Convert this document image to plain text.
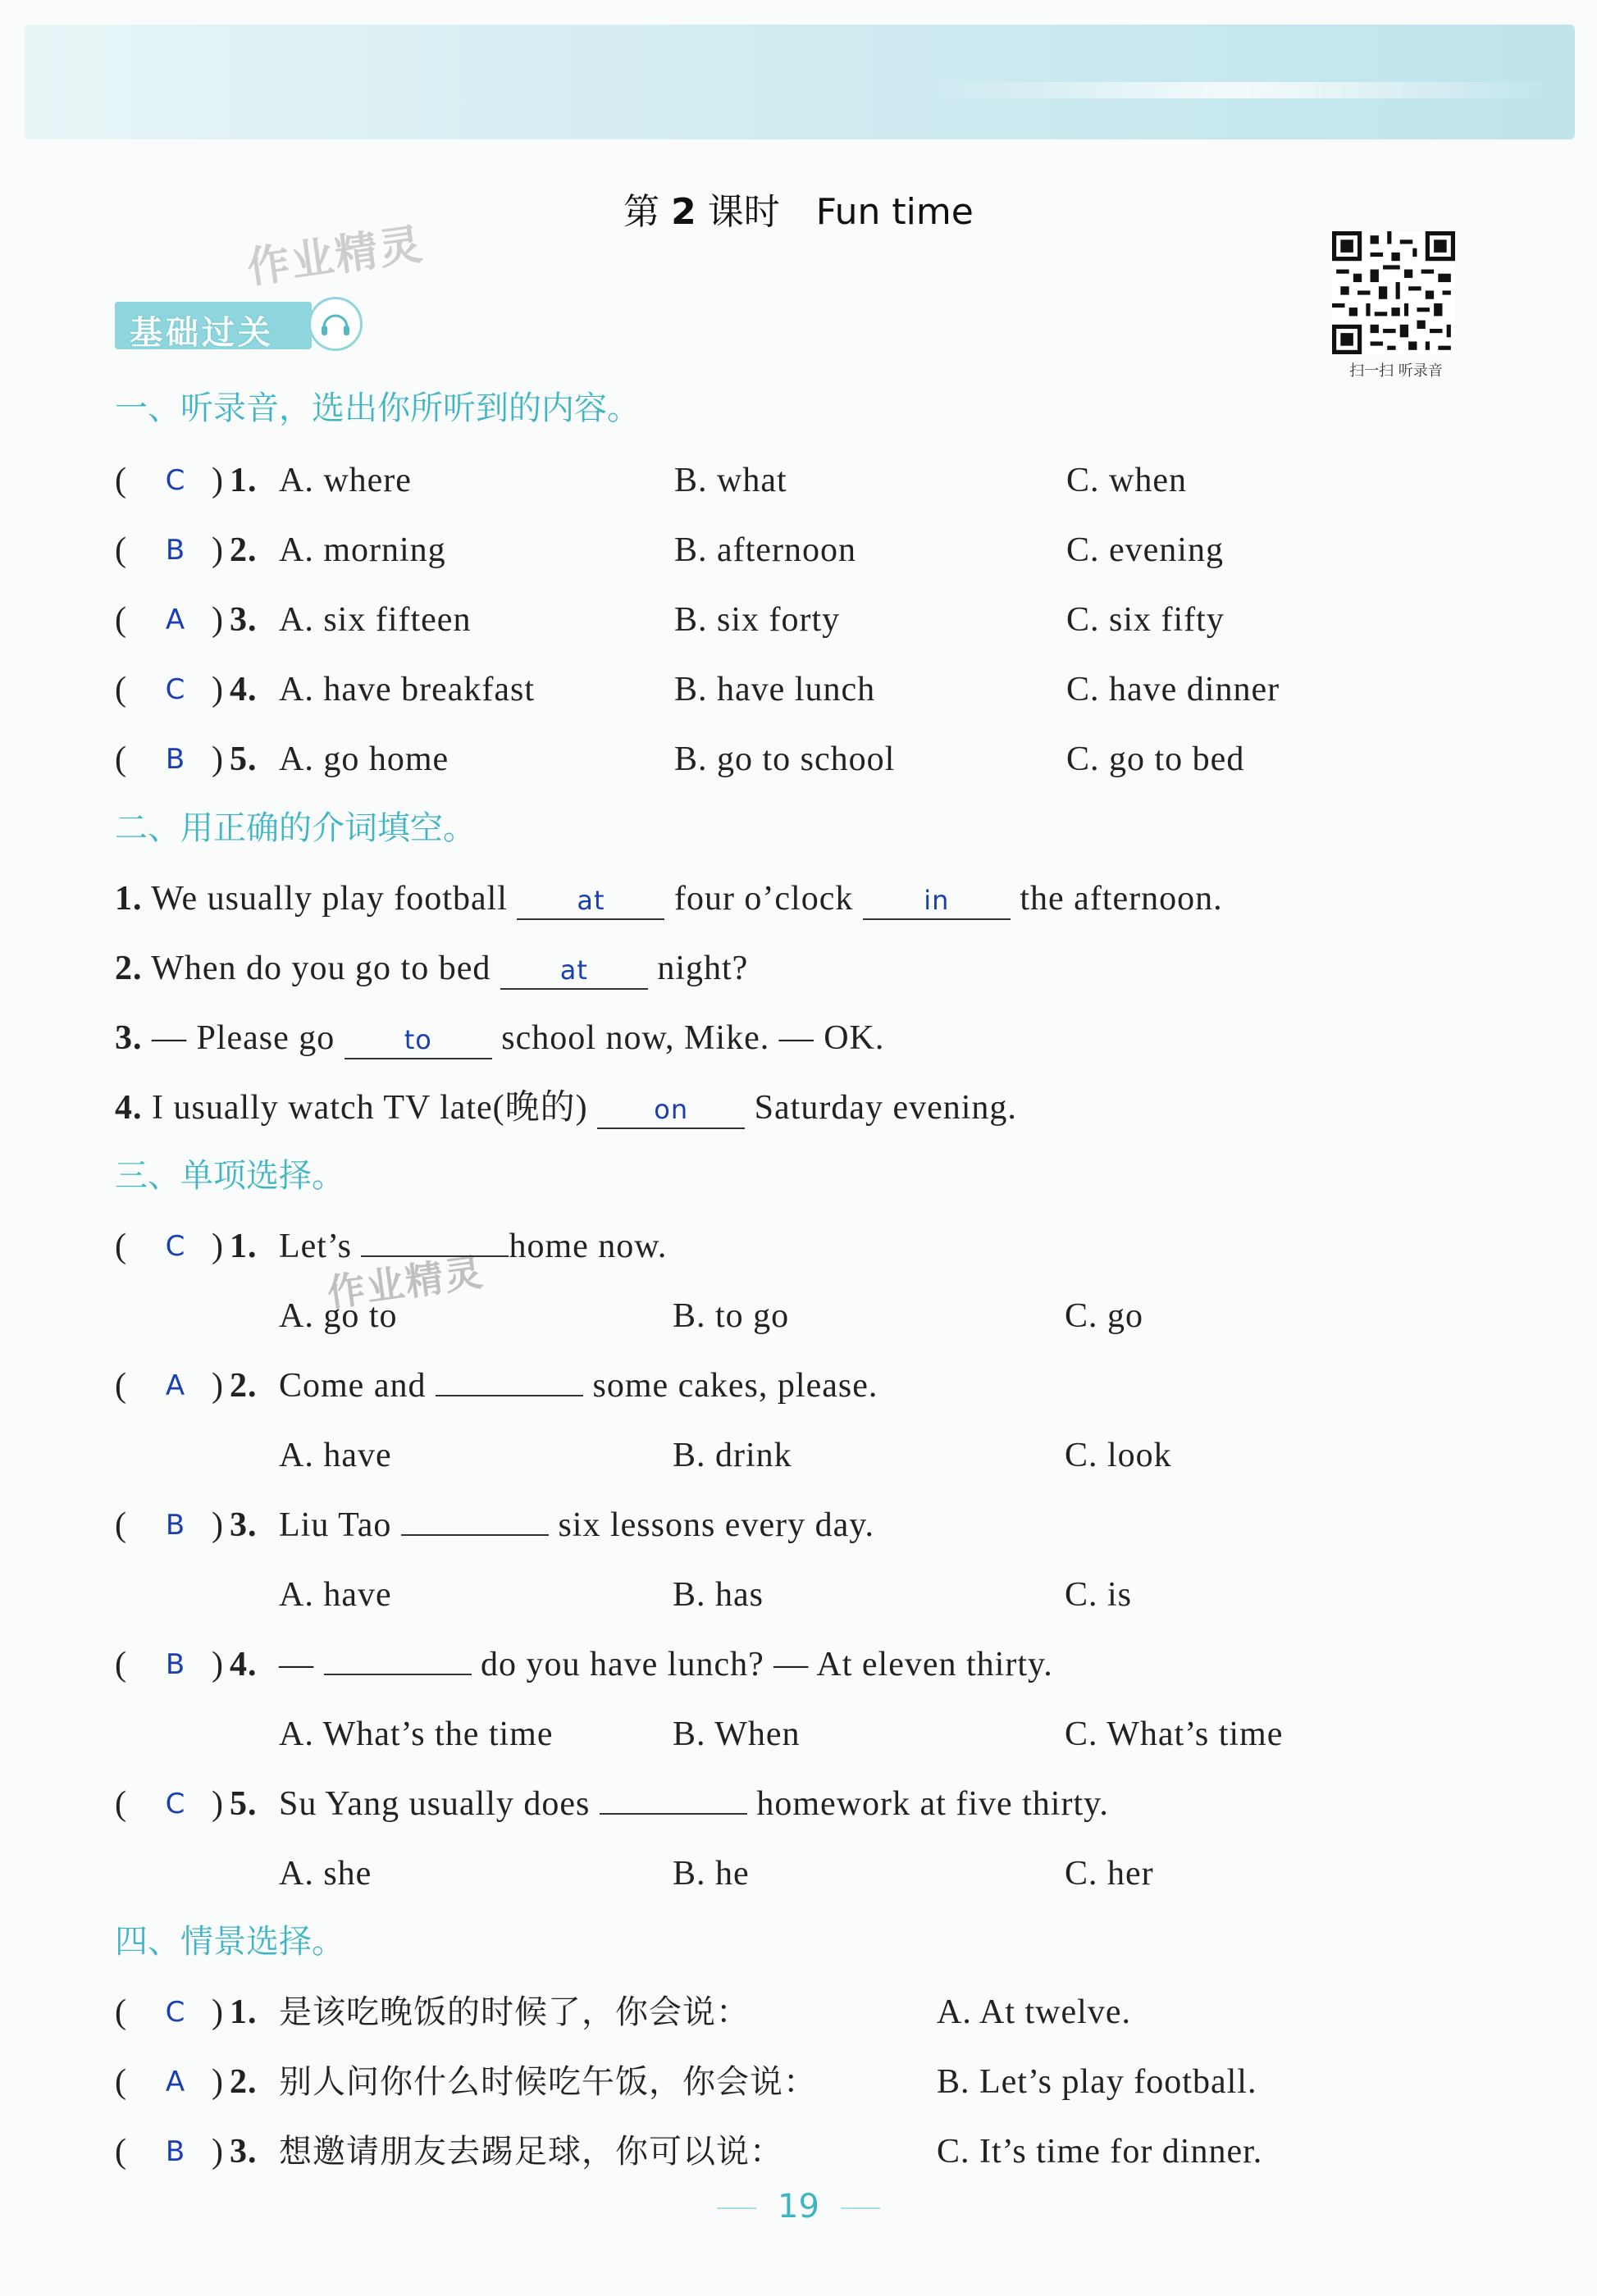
第 2 课时 Fun time
作业精灵
作业精灵
扫一扫 听录音
基础过关
一、听录音，选出你所听到的内容。
( C ) 1. A. where	B. what	C. when
( B ) 2. A. morning	B. afternoon	C. evening
( A ) 3. A. six fifteen	B. six forty	C. six fifty
( C ) 4. A. have breakfast	B. have lunch	C. have dinner
( B ) 5. A. go home	B. go to school	C. go to bed
二、用正确的介词填空。
1. We usually play football	at four o’clock	in the afternoon.
2. When do you go to bed	at night?
3. — Please go	to school now, Mike. — OK.
4. I usually watch TV late(晚的)	on Saturday evening.
三、单项选择。
( C ) 1. Let’s	home now.
A. go to	B. to go	C. go
( A ) 2. Come and	some cakes, please.
A. have	B. drink	C. look
( B ) 3. Liu Tao	six lessons every day.
A. have	B. has	C. is
( B ) 4. —	do you have lunch? — At eleven thirty.
A. What’s the time	B. When	C. What’s time
( C ) 5. Su Yang usually does	homework at five thirty.
A. she	B. he	C. her
四、情景选择。
( C ) 1. 是该吃晚饭的时候了，你会说：	A. At twelve.
( A ) 2. 别人问你什么时候吃午饭，你会说：	B. Let’s play football.
( B ) 3. 想邀请朋友去踢足球，你可以说：	C. It’s time for dinner.
19
